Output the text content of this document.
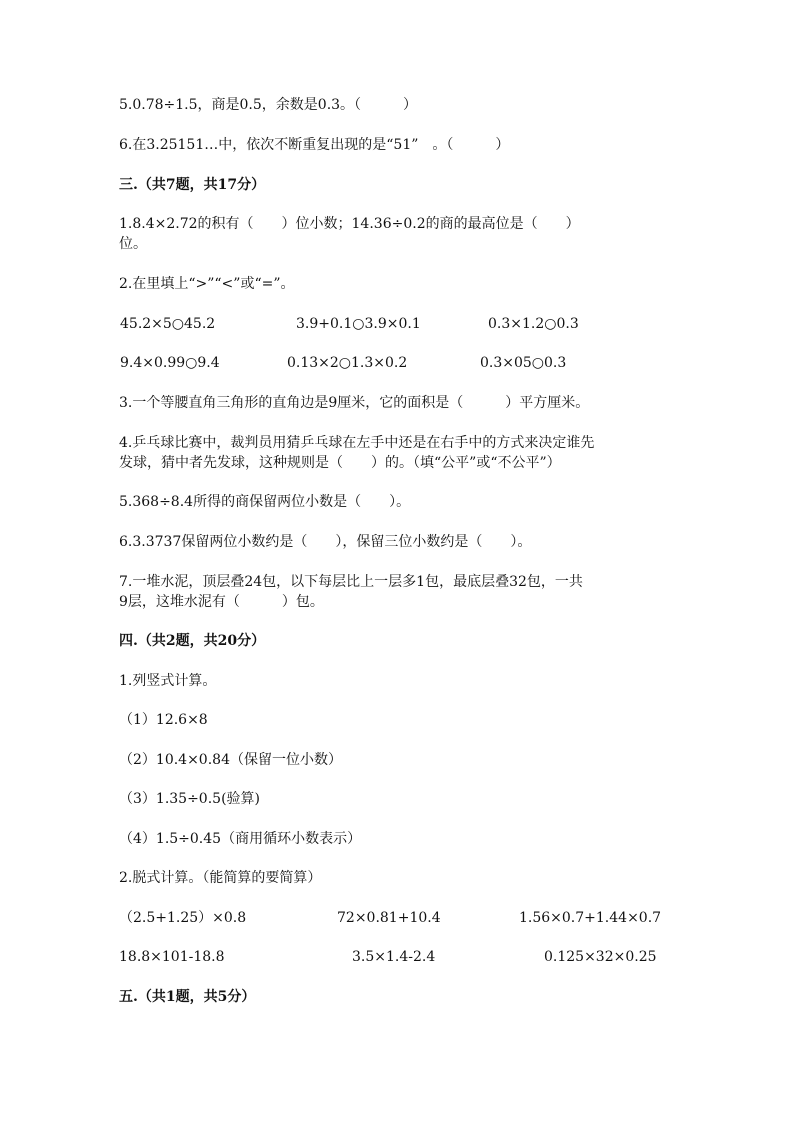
5.0.78÷1.5，商是0.5，余数是0.3。（　　　）
6.在3.25151…中，依次不断重复出现的是“51”　。（　　　）
三.（共7题，共17分）
1.8.4×2.72的积有（　　）位小数；14.36÷0.2的商的最高位是（　　）
位。
2.在里填上“>”“<”或“=”。
45.2×5○45.2	3.9+0.1○3.9×0.1	0.3×1.2○0.3
9.4×0.99○9.4	0.13×2○1.3×0.2	0.3×05○0.3
3.一个等腰直角三角形的直角边是9厘米，它的面积是（　　　）平方厘米。
4.乒乓球比赛中，裁判员用猜乒乓球在左手中还是在右手中的方式来决定谁先
发球，猜中者先发球，这种规则是（　　）的。（填“公平”或“不公平”）
5.368÷8.4所得的商保留两位小数是（　　）。
6.3.3737保留两位小数约是（　　），保留三位小数约是（　　）。
7.一堆水泥，顶层叠24包，以下每层比上一层多1包，最底层叠32包，一共
9层，这堆水泥有（　　　）包。
四.（共2题，共20分）
1.列竖式计算。
（1）12.6×8
（2）10.4×0.84（保留一位小数）
（3）1.35÷0.5(验算)
（4）1.5÷0.45（商用循环小数表示）
2.脱式计算。（能简算的要简算）
（2.5+1.25）×0.8	72×0.81+10.4	1.56×0.7+1.44×0.7
18.8×101-18.8	3.5×1.4-2.4	0.125×32×0.25
五.（共1题，共5分）
